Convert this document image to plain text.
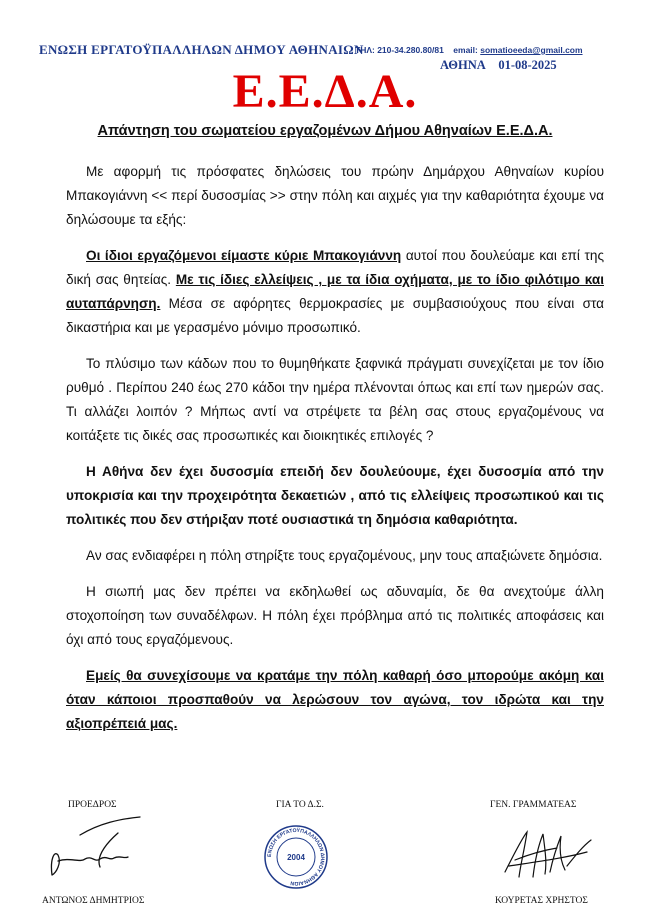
ΕΝΩΣΗ ΕΡΓΑΤΟΫΠΑΛΛΗΛΩΝ ΔΗΜΟΥ ΑΘΗΝΑΙΩΝ
ΤΗΛ: 210-34.280.80/81 email: somatioeeda@gmail.com
ΑΘΗΝΑ 01-08-2025
Ε.Ε.Δ.Α.
Απάντηση του σωματείου εργαζομένων Δήμου Αθηναίων Ε.Ε.Δ.Α.

Με αφορμή τις πρόσφατες δηλώσεις του πρώην Δημάρχου Αθηναίων κυρίου Μπακογιάννη << περί δυσοσμίας >> στην πόλη και αιχμές για την καθαριότητα έχουμε να δηλώσουμε τα εξής:

Οι ίδιοι εργαζόμενοι είμαστε κύριε Μπακογιάννη αυτοί που δουλεύαμε και επί της δική σας θητείας. Με τις ίδιες ελλείψεις , με τα ίδια οχήματα, με το ίδιο φιλότιμο και αυταπάρνηση. Μέσα σε αφόρητες θερμοκρασίες με συμβασιούχους που είναι στα δικαστήρια και με γερασμένο μόνιμο προσωπικό.

Το πλύσιμο των κάδων που το θυμηθήκατε ξαφνικά πράγματι συνεχίζεται με τον ίδιο ρυθμό . Περίπου 240 έως 270 κάδοι την ημέρα πλένονται όπως και επί των ημερών σας. Τι αλλάζει λοιπόν ? Μήπως αντί να στρέψετε τα βέλη σας στους εργαζομένους να κοιτάξετε τις δικές σας προσωπικές και διοικητικές επιλογές ?

Η Αθήνα δεν έχει δυσοσμία επειδή δεν δουλεύουμε, έχει δυσοσμία από την υποκρισία και την προχειρότητα δεκαετιών , από τις ελλείψεις προσωπικού και τις πολιτικές που δεν στήριξαν ποτέ ουσιαστικά τη δημόσια καθαριότητα.

Αν σας ενδιαφέρει η πόλη στηρίξτε τους εργαζομένους, μην τους απαξιώνετε δημόσια.

Η σιωπή μας δεν πρέπει να εκδηλωθεί ως αδυναμία, δε θα ανεχτούμε άλλη στοχοποίηση των συναδέλφων. Η πόλη έχει πρόβλημα από τις πολιτικές αποφάσεις και όχι από τους εργαζόμενους.

Εμείς θα συνεχίσουμε να κρατάμε την πόλη καθαρή όσο μπορούμε ακόμη και όταν κάποιοι προσπαθούν να λερώσουν τον αγώνα, τον ιδρώτα και την αξιοπρέπειά μας.

ΠΡΟΕΔΡΟΣ
ΑΝΤΩΝΟΣ ΔΗΜΗΤΡΙΟΣ
ΓΙΑ ΤΟ Δ.Σ.
ΕΝΩΣΗ ΕΡΓΑΤΟΫΠΑΛΛΗΛΩΝ ΔΗΜΟΥ ΑΘΗΝΑΙΩΝ
2004
ΓΕΝ. ΓΡΑΜΜΑΤΕΑΣ
ΚΟΥΡΕΤΑΣ ΧΡΗΣΤΟΣ
